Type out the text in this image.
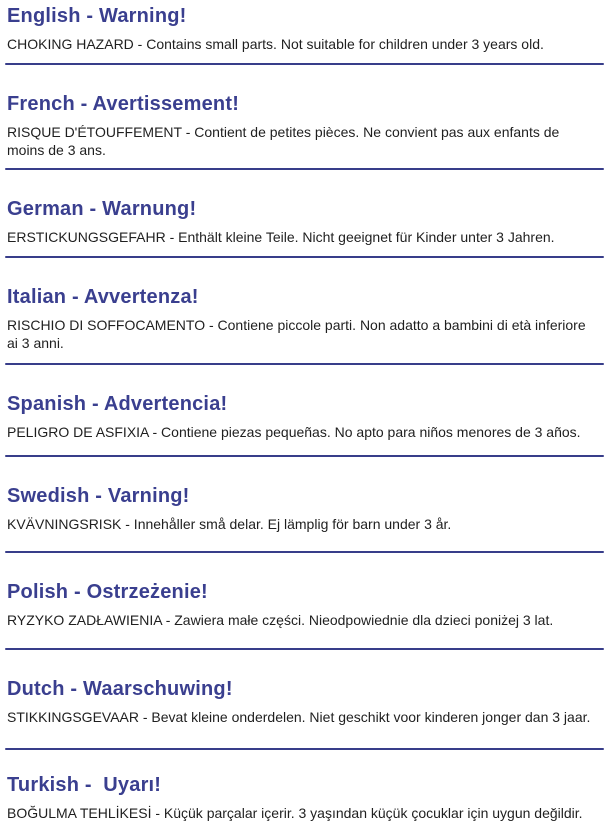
English - Warning!

CHOKING HAZARD - Contains small parts. Not suitable for children under 3 years old.

French - Avertissement!

RISQUE D'ÉTOUFFEMENT - Contient de petites pièces. Ne convient pas aux enfants de moins de 3 ans.

German - Warnung!

ERSTICKUNGSGEFAHR - Enthält kleine Teile. Nicht geeignet für Kinder unter 3 Jahren.

Italian - Avvertenza!

RISCHIO DI SOFFOCAMENTO - Contiene piccole parti. Non adatto a bambini di età inferiore ai 3 anni.

Spanish - Advertencia!

PELIGRO DE ASFIXIA - Contiene piezas pequeñas. No apto para niños menores de 3 años.

Swedish - Varning!

KVÄVNINGSRISK - Innehåller små delar. Ej lämplig för barn under 3 år.

Polish - Ostrzeżenie!

RYZYKO ZADŁAWIENIA - Zawiera małe części. Nieodpowiednie dla dzieci poniżej 3 lat.

Dutch - Waarschuwing!

STIKKINGSGEVAAR - Bevat kleine onderdelen. Niet geschikt voor kinderen jonger dan 3 jaar.

Turkish -  Uyarı!

BOĞULMA TEHLİKESİ - Küçük parçalar içerir. 3 yaşından küçük çocuklar için uygun değildir.
